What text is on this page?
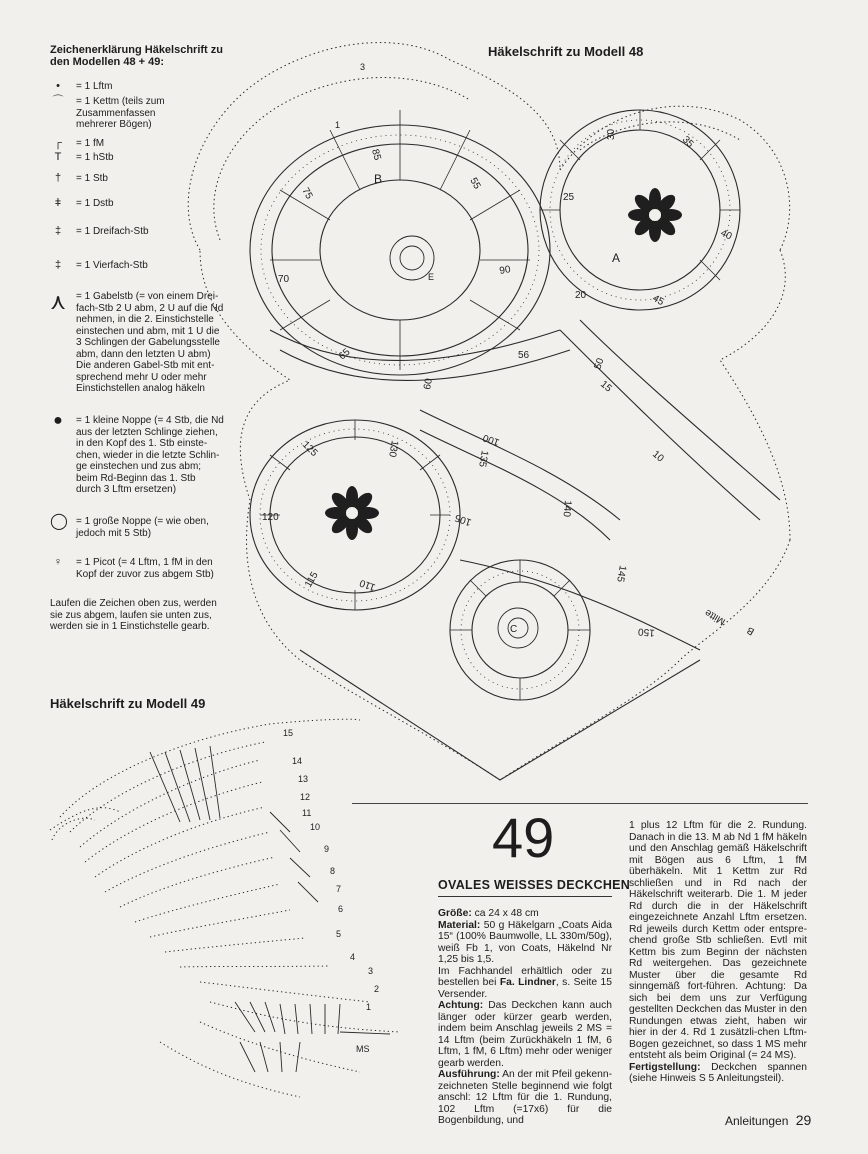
Zeichenerklärung Häkelschrift zu den Modellen 48 + 49:
•	= 1 Lftm

⌒ = 1 Kettm (teils zum

Zusammenfassen

mehrerer Bögen)

┌	= 1 fM

T	= 1 hStb

†	= 1 Stb

ǂ	= 1 Dstb

‡	= 1 Dreifach-Stb

‡	= 1 Vierfach-Stb

⋏ = 1 Gabelstb (= von einem Drei-

fach-Stb 2 U abm, 2 U auf die Nd

nehmen, in die 2. Einstichstelle

einstechen und abm, mit 1 U die

3 Schlingen der Gabelungsstelle

abm, dann den letzten U abm)

Die anderen Gabel-Stb mit ent-

sprechend mehr U oder mehr

Einstichstellen analog häkeln

●	= 1 kleine Noppe (= 4 Stb, die Nd

aus der letzten Schlinge ziehen,

in den Kopf des 1. Stb einste-

chen, wieder in die letzte Schlin-

ge einstechen und zus abm;

beim Rd-Beginn das 1. Stb

durch 3 Lftm ersetzen)

◯ = 1 große Noppe (= wie oben,

jedoch mit 5 Stb)

♀	= 1 Picot (= 4 Lftm, 1 fM in den

Kopf der zuvor zus abgem Stb)

Laufen die Zeichen oben zus, werden
sie zus abgem, laufen sie unten zus,
werden sie in 1 Einstichstelle gearb.
Häkelschrift zu Modell 48
85
75
70
65
60
56
55
50
45
40
35
30
25
20
15
10
90
100
105
110
115
120
125	130
135
140
145
150
B
A
E
C
1
3
Mitte
B
Häkelschrift zu Modell 49
15
14
13
12
11
10
9
8
7
6
5
4
3
2
1
MS
49
OVALES WEISSES DECKCHEN

Größe: ca 24 x 48 cm

Material: 50 g Häkelgarn „Coats Aida 15“ (100% Baumwolle, LL 330m/50g), weiß Fb 1, von Coats, Häkelnd Nr 1,25 bis 1,5.

Im Fachhandel erhältlich oder zu bestellen bei Fa. Lindner, s. Seite 15 Versender.

Achtung: Das Deckchen kann auch länger oder kürzer gearb werden, indem beim Anschlag jeweils 2 MS = 14 Lftm (beim Zurückhäkeln 1 fM, 6 Lftm, 1 fM, 6 Lftm) mehr oder weniger gearb werden.

Ausführung: An der mit Pfeil gekenn-zeichneten Stelle beginnend wie folgt anschl: 12 Lftm für die 1. Rundung, 102 Lftm (=17x6) für die Bogenbildung, und

1 plus 12 Lftm für die 2. Rundung. Danach in die 13. M ab Nd 1 fM häkeln und den Anschlag gemäß Häkelschrift mit Bögen aus 6 Lftm, 1 fM überhäkeln. Mit 1 Kettm zur Rd schließen und in Rd nach der Häkelschrift weiterarb. Die 1. M jeder Rd durch die in der Häkelschrift eingezeichnete Anzahl Lftm ersetzen. Rd jeweils durch Kettm oder entspre-chend große Stb schließen. Evtl mit Kettm bis zum Beginn der nächsten Rd weitergehen. Das gezeichnete Muster über die gesamte Rd sinngemäß fort-führen. Achtung: Da sich bei dem uns zur Verfügung gestellten Deckchen das Muster in den Rundungen etwas zieht, haben wir hier in der 4. Rd 1 zusätzli-chen Lftm-Bogen gezeichnet, so dass 1 MS mehr entsteht als beim Original (= 24 MS).

Fertigstellung: Deckchen spannen (siehe Hinweis S 5 Anleitungsteil).

Anleitungen 29
